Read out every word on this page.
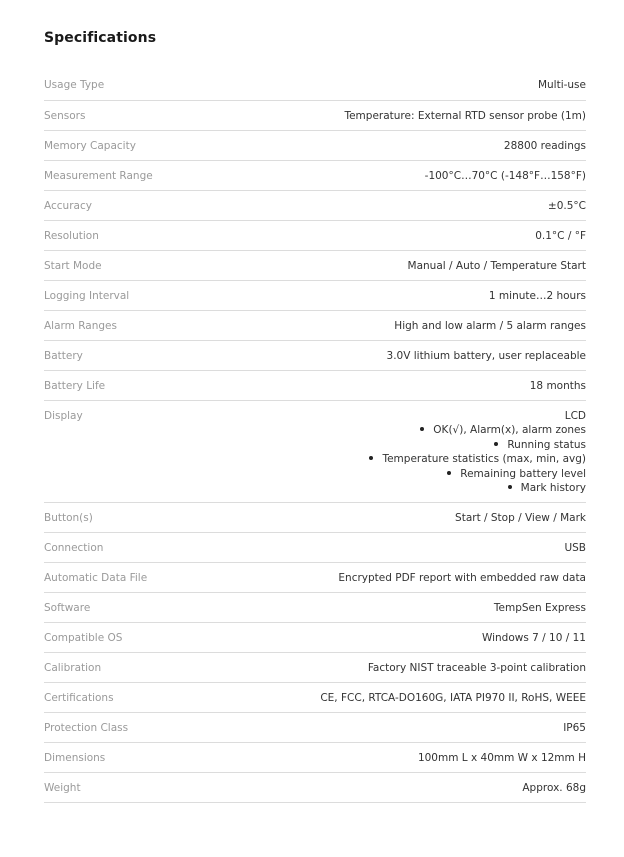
Specifications
Usage Type	Multi-use
Sensors	Temperature: External RTD sensor probe (1m)
Memory Capacity	28800 readings
Measurement Range	-100°C…70°C (-148°F…158°F)
Accuracy	±0.5°C
Resolution	0.1°C / °F
Start Mode	Manual / Auto / Temperature Start
Logging Interval	1 minute…2 hours
Alarm Ranges	High and low alarm / 5 alarm ranges
Battery	3.0V lithium battery, user replaceable
Battery Life	18 months
Display	LCD
OK(√), Alarm(x), alarm zones
Running status
Temperature statistics (max, min, avg)
Remaining battery level
Mark history
Button(s)	Start / Stop / View / Mark
Connection	USB
Automatic Data File	Encrypted PDF report with embedded raw data
Software	TempSen Express
Compatible OS	Windows 7 / 10 / 11
Calibration	Factory NIST traceable 3-point calibration
Certifications	CE, FCC, RTCA-DO160G, IATA PI970 II, RoHS, WEEE
Protection Class	IP65
Dimensions	100mm L x 40mm W x 12mm H
Weight	Approx. 68g
